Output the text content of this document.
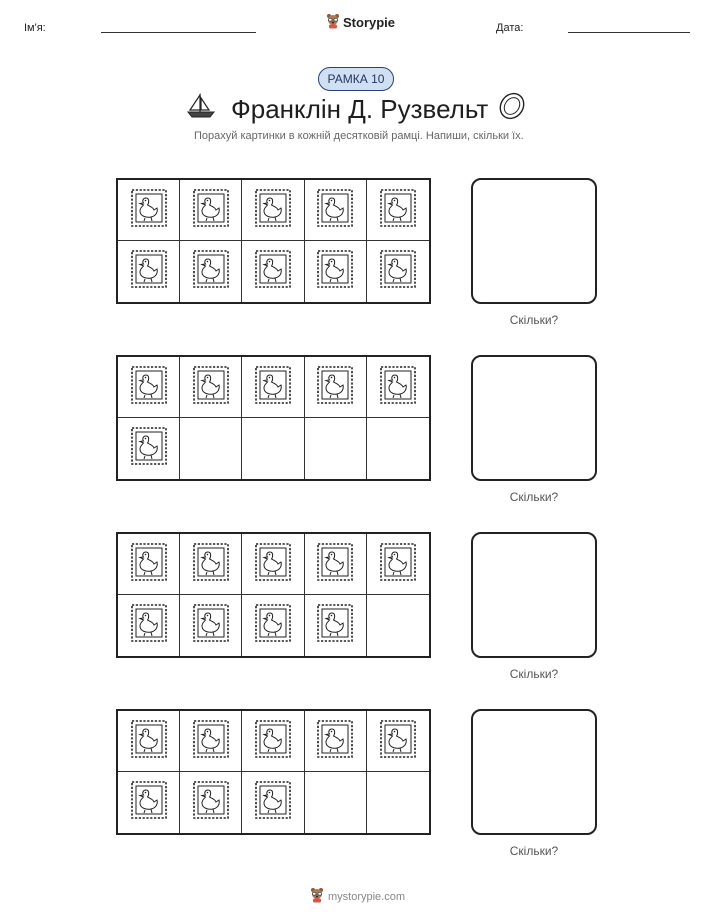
Ім'я:	Storypie	Дата:
РАМКА 10
Франклін Д. Рузвельт
Порахуй картинки в кожній десятковій рамці. Напиши, скільки їх.
Скільки?
Скільки?
Скільки?
Скільки?
mystorypie.com
